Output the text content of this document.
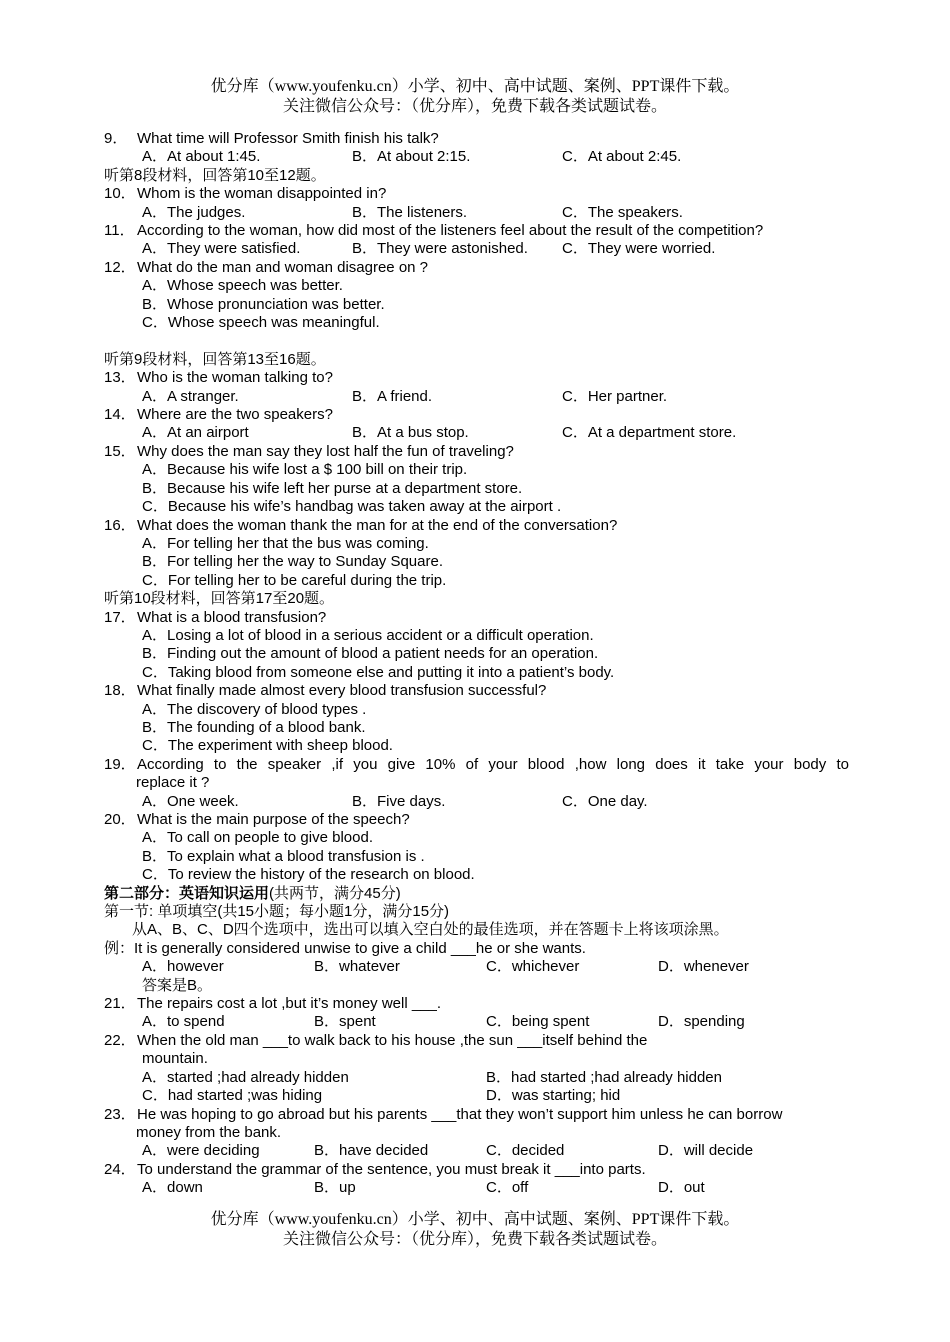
优分库（www.youfenku.cn）小学、初中、高中试题、案例、PPT课件下载。
关注微信公众号：（优分库），免费下载各类试题试卷。
9． What time will Professor Smith finish his talk?
A．At about 1:45.	B．At about 2:15.	C．At about 2:45.
听第8段材料，回答第10至12题。
10． Whom is the woman disappointed in?
A．The judges.	B．The listeners.	C．The speakers.
11． According to the woman, how did most of the listeners feel about the result of the competition?
A．They were satisfied.	B．They were astonished.	C．They were worried.
12． What do the man and woman disagree on ?
A．Whose speech was better.
B．Whose pronunciation was better.
C．Whose speech was meaningful.
听第9段材料，回答第13至16题。
13． Who is the woman talking to?
A．A stranger.	B．A friend.	C．Her partner.
14． Where are the two speakers?
A．At an airport	B．At a bus stop.	C．At a department store.
15． Why does the man say they lost half the fun of traveling?
A．Because his wife lost a $ 100 bill on their trip.
B．Because his wife left her purse at a department store.
C．Because his wife’s handbag was taken away at the airport .
16． What does the woman thank the man for at the end of the conversation?
A．For telling her that the bus was coming.
B．For telling her the way to Sunday Square.
C．For telling her to be careful during the trip.
听第10段材料，回答第17至20题。
17． What is a blood transfusion?
A．Losing a lot of blood in a serious accident or a difficult operation.
B．Finding out the amount of blood a patient needs for an operation.
C．Taking blood from someone else and putting it into a patient’s body.
18． What finally made almost every blood transfusion successful?
A．The discovery of blood types .
B．The founding of a blood bank.
C．The experiment with sheep blood.
19． According to the speaker ,if you give 10% of your blood ,how long does it take your body to
replace it ?
A．One week.	B．Five days.	C．One day.
20． What is the main purpose of the speech?
A．To call on people to give blood.
B．To explain what a blood transfusion is .
C．To review the history of the research on blood.
第二部分：英语知识运用(共两节，满分45分)
第一节: 单项填空(共15小题；每小题1分，满分15分)
从A、B、C、D四个选项中，选出可以填入空白处的最佳选项，并在答题卡上将该项涂黑。
例：It is generally considered unwise to give a child ___he or she wants.
A．however	B．whatever	C．whichever	D．whenever
答案是B。
21． The repairs cost a lot ,but it’s money well ___.
A．to spend	B．spent	C．being spent	D．spending
22． When the old man ___to walk back to his house ,the sun ___itself behind the
mountain.
A．started ;had already hidden	B．had started ;had already hidden
C．had started ;was hiding	D．was starting; hid
23． He was hoping to go abroad but his parents ___that they won’t support him unless he can borrow
money from the bank.
A．were deciding	B．have decided	C．decided	D．will decide
24． To understand the grammar of the sentence, you must break it ___into parts.
A．down	B．up	C．off	D．out
优分库（www.youfenku.cn）小学、初中、高中试题、案例、PPT课件下载。
关注微信公众号：（优分库），免费下载各类试题试卷。
